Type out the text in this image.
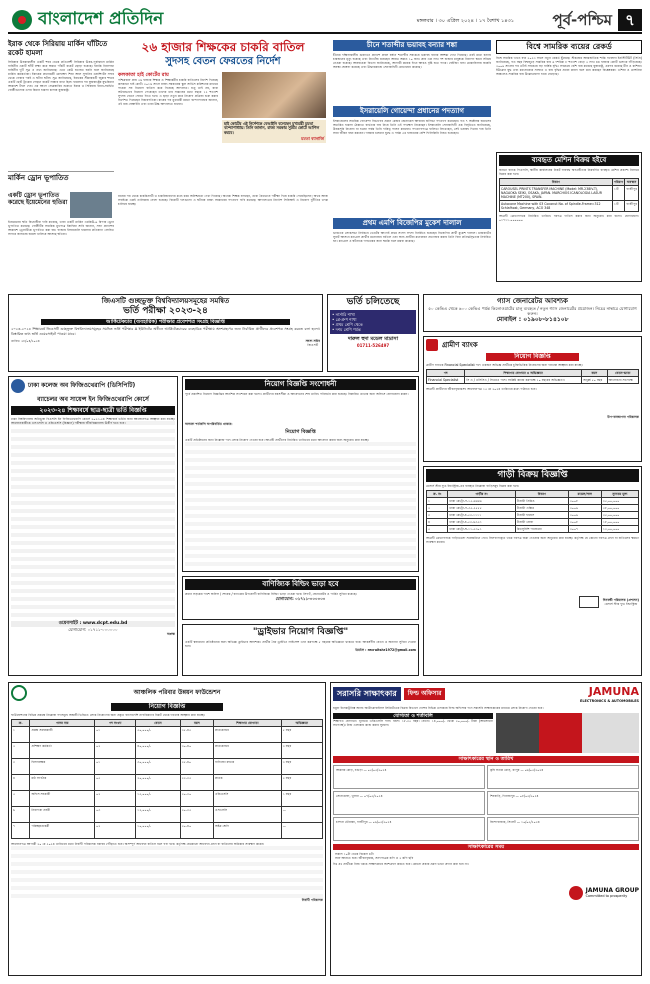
বাংলাদেশ প্রতিদিন	মঙ্গলবার । ৩০ এপ্রিল ২০২৪ । ১৭ বৈশাখ ১৪৩১	পূর্ব-পশ্চিম ৭
ইরাক থেকে সিরিয়ায় মার্কিন ঘাঁটিতে রকেট হামলা
সিরিয়ায় উত্তরাঞ্চলীয় একটি শহর থেকে প্রতিবেশী সিরিয়ার উত্তর-পূর্বাঞ্চলে মার্কিন বাহিনীর একটি ঘাঁটি লক্ষ্য করে অন্তত পাঁচটি রকেট ছোড়া হয়েছে। ইরাকি নিরাপত্তা বাহিনীর দুটি সূত্র এ তথ্য জানিয়েছে। এতে কেউ হতাহত হয়নি বলে জানিয়েছে মার্কিন কর্মকর্তারা। ইরাকের প্রধানমন্ত্রী মোহাম্মদ শিয়া আল সুদানির ওয়াশিংটন সফর থেকে ফেরার পরই এ ঘটনা ঘটল। সূত্র জানিয়েছে, ইরাকের সীমান্তবর্তী জুমার শহরে একটি ছোট ট্রাকের পেছনে রকেট লঞ্চার রাখা ছিল। হামলার পর যুক্তরাষ্ট্রের যুদ্ধবিমান আকাশে টহল দেয়। এর আগে ফেব্রুয়ারির শুরুতে ইরাক ও সিরিয়ায় ইরান-সমর্থিত গোষ্ঠীগুলোর ওপর বিমান হামলা চালায় যুক্তরাষ্ট্র।
মার্কিন ড্রোন ভূপাতিত
একটি ড্রোন ভূপাতিত করেছে ইয়েমেনের হুতিরা
ইয়েমেনের হুতি বিদ্রোহীরা দাবি করেছে, তারা একটি মার্কিন এমকিউ-৯ রিপার ড্রোন ভূপাতিত করেছে। গোষ্ঠীটির সামরিক মুখপাত্র ইয়াহিয়া সারি জানান, সাদা প্রদেশের আকাশে ড্রোনটিকে ভূপাতিত করা হয়। গাজায় ইসরায়েলি হামলার প্রতিবাদে লোহিত সাগরে জাহাজে হামলা চালিয়ে আসছে হুতিরা।
২৬ হাজার শিক্ষকের চাকরি বাতিল
সুদসহ বেতন ফেরতের নির্দেশ
কলকাতা হাই কোর্টের রায়
পশ্চিমবঙ্গে প্রায় ২৬ হাজার শিক্ষক ও শিক্ষাকর্মীর চাকরি বাতিলের নির্দেশ দিয়েছে কলকাতা হাই কোর্ট। ২০১৬ সালে রাজ্য সরকারের স্কুল সার্ভিস কমিশনের মাধ্যমে পাওয়া সব নিয়োগ বাতিল করে দিয়েছে আদালত। শুধু তাই নয়, যারা অবৈধভাবে নিয়োগ পেয়েছেন তাদের চার সপ্তাহের মধ্যে বছরে ১২ শতাংশ সুদসহ বেতন ফেরত দিতে হবে। এ ছাড়া নতুন করে নিয়োগ প্রক্রিয়া শুরু করার নির্দেশও দিয়েছেন বিচারপতিরা। রায়ের পর মুখ্যমন্ত্রী মমতা বন্দ্যোপাধ্যায় জানান, এই রায় বেআইনি এবং তারা উচ্চ আদালতে যাবেন।
হাই কোর্টের এই নির্দেশকে বেআইনি বলেছেন মুখ্যমন্ত্রী মমতা বন্দ্যোপাধ্যায়। তিনি জানান, রাজ্য সরকার সুপ্রিম কোর্টে আপিল করবে।
মমতা ব্যানার্জি
রায়ের পর থেকে চাকরিপ্রার্থী ও চাকরিহারাদের মধ্যে চরম অনিশ্চয়তা দেখা দিয়েছে। অনেক শিক্ষক বলছেন, তারা বৈধভাবে পরীক্ষা দিয়ে চাকরি পেয়েছিলেন; অথচ আজ সবাইকে একই তালিকায় ফেলা হয়েছে। বিরোধী দলগুলো এ ঘটনায় রাজ্য সরকারের পদত্যাগ দাবি করেছে। আদালতের নির্দেশে সিবিআই এ নিয়োগ দুর্নীতির তদন্ত চালিয়ে যাচ্ছে।
চীনে শতাব্দীর ভয়াবহ বন্যার শঙ্কা
চীনের দক্ষিণাঞ্চলীয় গুয়াংডং প্রদেশে প্রবল বর্ষণে শতাব্দীর সবচেয়ে ভয়াবহ বন্যার আশঙ্কা দেখা দিয়েছে। এরই মধ্যে বন্যায় চারজনের মৃত্যু হয়েছে এবং নিখোঁজ রয়েছেন আরও অন্তত ১০ জন। প্রায় এক লাখ দশ হাজার মানুষকে নিরাপদ স্থানে সরিয়ে নেওয়া হয়েছে। আবহাওয়া বিভাগ জানিয়েছে, আগামী কয়েক দিনে আরও বৃষ্টি হতে পারে। বেইজিং বন্যা মোকাবিলায় জরুরি অবস্থা ঘোষণা করেছে এবং উদ্ধারকাজে সেনাবাহিনী মোতায়েন করেছে।
ইসরায়েলি গোয়েন্দা প্রধানের পদত্যাগ
ইসরায়েলের সামরিক গোয়েন্দা বিভাগের প্রধান মেজর জেনারেল আহারন হালিভা পদত্যাগ করেছেন। গত ৭ অক্টোবর হামাসের অতর্কিত হামলা ঠেকাতে ব্যর্থতার দায় নিয়ে তিনি এই পদক্ষেপ নিয়েছেন। ইসরায়েলি সেনাবাহিনী এক বিবৃতিতে জানিয়েছে, উত্তরসূরি নিয়োগ না হওয়া পর্যন্ত তিনি দায়িত্ব পালন করবেন। পদত্যাগপত্রে হালিভা লিখেছেন, সেই ভয়াবহ দিনের দায় তিনি সারা জীবন বহন করবেন। গাজায় চলমান যুদ্ধে এ পর্যন্ত ৩৪ হাজারের বেশি ফিলিস্তিনি নিহত হয়েছেন।
প্রথম এমপি বিজেপির মুকেশ দালাল
ভারতের লোকসভা নির্বাচনে ভোটের আগেই প্রথম সংসদ সদস্য নির্বাচিত হয়েছেন বিজেপির প্রার্থী মুকেশ দালাল। গুজরাটের সুরাট আসনে কংগ্রেস প্রার্থীর মনোনয়ন বাতিল এবং অন্য প্রার্থীরা মনোনয়ন প্রত্যাহার করায় তিনি বিনা প্রতিদ্বন্দ্বিতায় নির্বাচিত হন। কংগ্রেস এ ঘটনাকে গণতন্ত্রের জন্য হুমকি বলে মন্তব্য করেছে।
বিশ্বে সামরিক ব্যয়ের রেকর্ড
বিশ্বে সামরিক খাতে ব্যয় ২০২৩ সালে নতুন রেকর্ড ছুঁয়েছে। স্টকহোম আন্তর্জাতিক শান্তি গবেষণা ইনস্টিটিউট (সিপ্রি) জানিয়েছে, গত বছর বিশ্বজুড়ে সামরিক ব্যয় ৬ দশমিক ৮ শতাংশ বেড়ে ২ লাখ ৪৪ হাজার কোটি ডলারে দাঁড়িয়েছে। ২০০৯ সালের পর এটাই সবচেয়ে বড় বার্ষিক বৃদ্ধি। সবচেয়ে বেশি ব্যয় করেছে যুক্তরাষ্ট্র, এরপর রয়েছে চীন ও রাশিয়া। ইউক্রেন যুদ্ধ এবং মধ্যপ্রাচ্যের সংঘাত এ ব্যয় বৃদ্ধির প্রধান কারণ বলে মনে করছেন বিশ্লেষকরা। এশিয়া ও ওশেনিয়া অঞ্চলেও সামরিক ব্যয় উল্লেখযোগ্য হারে বেড়েছে।
ব্যবহৃত মেশিন বিক্রয় হইবে
জনতা ব্যাংক পিএলসি, স্থানীয় কার্যালয়ের নিকট দায়বদ্ধ ঋণগ্রহীতার নিম্নবর্ণিত ব্যবহৃত মেশিন প্রকাশ্য নিলামে বিক্রয় করা হবে।
বিবরণ	পরিমাণ	অবস্থান
CAROUSEL PRINTS TRANSFER MACHINE (Model: MR-238IV-T), NAGAOKA SEIKI, OSAKA, JAPAN. MARCHIOS ICANOLOGIA LASUR MACHINE (MT200), SPAIN.	১টি	গাজীপুর
Autocone Machine with 03 Coconut No. of Spindle-Frame=312 Schlafhost, Germany, ACO 348	১টি	গাজীপুর
আগ্রহী ক্রেতাগণকে নির্ধারিত তারিখে দরপত্র দাখিল করার জন্য অনুরোধ করা হলো। যোগাযোগ: ০১৭১১-০০০০০০
জিএসটি গুচ্ছভুক্ত বিশ্ববিদ্যালয়সমূহের সমন্বিত
ভর্তি পরীক্ষা ২০২৩-২৪
আর্কিটেকচার (ব্যবহারিক) পরীক্ষার প্রবেশপত্র সংগ্রহ বিজ্ঞপ্তি
২০২৩-২০২৪ শিক্ষাবর্ষে জিএসটি গুচ্ছভুক্ত বিশ্ববিদ্যালয়সমূহের সমন্বিত ভর্তি পরীক্ষার A ইউনিটের অধীনে আর্কিটেকচারের ব্যবহারিক পরীক্ষায় অংশগ্রহণের জন্য নির্বাচিত প্রার্থীদের প্রবেশপত্র সংগ্রহ করতে বলা হলো। বিস্তারিত তথ্য ভর্তি ওয়েবসাইটে পাওয়া যাবে।
তারিখ: ২৮/০৪/২০২৪	সদস্য সচিব
জিএসটি
ভর্তি চলিতেছে
• নার্সারি শাখা
• প্লে-গ্রুপ শাখা
• প্রথম শ্রেণি থেকে
• দশম শ্রেণি পর্যন্ত
দারুল হুদা মডেল মাদ্রাসা
01711-526497
গ্যাস জেনারেটর আবশ্যক
৫০ কেভিএ থেকে ৬০০ কেভিএ পর্যন্ত কিলোওয়াটের চালু ব্যবহৃত / নতুন গ্যাস জেনারেটর প্রয়োজন। নিচের নাম্বারে যোগাযোগ করুন।
মোবাইল : ০১৯০৮-৮১৪১০৮
গ্রামীণ ব্যাংক
নিয়োগ বিজ্ঞপ্তি
গ্রামীণ ব্যাংকে Financial Specialist পদে একজন অভিজ্ঞ প্রার্থীকে চুক্তিভিত্তিক নিয়োগের জন্য দরখাস্ত আহ্বান করা যাচ্ছে।
পদ	শিক্ষাগত যোগ্যতা ও অভিজ্ঞতা	বয়স	বেতন-ভাতা
Financial Specialist	সি এ / এসিসিএ / সিএমএ পাস। সংশ্লিষ্ট কাজে কমপক্ষে ১০ বছরের অভিজ্ঞতা।	অনূর্ধ্ব ৫০ বছর	আলোচনা সাপেক্ষে
আগ্রহী প্রার্থীদের জীবনবৃত্তান্তসহ আবেদনপত্র ১৫ মে ২০২৪ তারিখের মধ্যে পাঠাতে হবে।
উপ-ব্যবস্থাপনা পরিচালক
ঢাকা কলেজ অব ফিজিওথেরাপি (ডিসিপিটি)
ব্যাচেলর অব সায়েন্স ইন ফিজিওথেরাপি কোর্সে
২০২৩-২৪ শিক্ষাবর্ষে ছাত্র-ছাত্রী ভর্তি বিজ্ঞপ্তি
ঢাকা বিশ্ববিদ্যালয় অধিভুক্ত বিএসসি ইন ফিজিওথেরাপি কোর্সে ২০২৩-২৪ শিক্ষাবর্ষে ভর্তির জন্য আবেদনপত্র আহ্বান করা যাচ্ছে। আবেদনকারীকে এসএসসি ও এইচএসসি (বিজ্ঞান) পরীক্ষায় জীববিজ্ঞানসহ উত্তীর্ণ হতে হবে।
ওয়েবসাইট : www.dcpt.edu.bd
যোগাযোগ: ০১৭১১-০০০০০০
অধ্যক্ষ
নিয়োগ বিজ্ঞপ্তি সংশোধনী
পূর্বে প্রকাশিত নিয়োগ বিজ্ঞপ্তির আংশিক সংশোধন করা হলো। প্রার্থীদের বয়সসীমা ও আবেদনের শেষ তারিখ পরিবর্তন করা হয়েছে। বিস্তারিত তথ্যের জন্য অফিসে যোগাযোগ করুন।
অন্যান্য শর্তাবলি অপরিবর্তিত থাকবে।
নিয়োগ বিজ্ঞপ্তি
একটি প্রতিষ্ঠানের জন্য নিম্নোক্ত পদে লোক নিয়োগ দেওয়া হবে। আগ্রহী প্রার্থীদের নির্ধারিত তারিখের মধ্যে আবেদন করার জন্য অনুরোধ করা যাচ্ছে।
বাণিজ্যিক বিল্ডিং ভাড়া হবে
প্রধান সড়কের পাশে অফিস / শোরুম / ব্যাংকের উপযোগী বাণিজ্যিক বিল্ডিং ভাড়া দেওয়া হবে। লিফট, জেনারেটর ও পার্কিং সুবিধা রয়েছে।
যোগাযোগ: ০১৭১১-০০০০০০
"ড্রাইভার নিয়োগ বিজ্ঞপ্তি"
একটি স্বনামধন্য প্রতিষ্ঠানের জন্য অভিজ্ঞ ড্রাইভার আবশ্যক। প্রার্থীর বৈধ ড্রাইভিং লাইসেন্স এবং কমপক্ষে ৫ বছরের অভিজ্ঞতা থাকতে হবে। আকর্ষণীয় বেতন ও অন্যান্য সুবিধা দেওয়া হবে।
ইমেইল : recruitshr1972@gmail.com
গাড়ী বিক্রয় বিজ্ঞপ্তি
মেসার্স স্টার ফুড ইন্ডাস্ট্রিজ-এর ব্যবহৃত নিম্নোক্ত গাড়িসমূহ বিক্রয় করা হবে।
ক্র. নং	গাড়ীর নং	বিবরণ	মডেল/সাল	ন্যূনতম মূল্য
১	ঢাকা মেট্রো-গ-১৫-৬৬৬৬	টয়োটা প্রিমিও	২০০৮	৩৫,০০,০০০
২	ঢাকা মেট্রো-গ-৩৫-২৫৫৫	টয়োটা এক্সিও	২০০৯	২৮,০০,০০০
৩	ঢাকা মেট্রো-চ-৫৩-১১১১	টয়োটা হায়েস	২০০৯	২৫,০০,০০০
৪	ঢাকা মেট্রো-চ-৫৩-৬৩৫৩	টয়োটা নোয়া	২০০৮	১৮,০০,০০০
৫	ঢাকা মেট্রো-ঘ-১১-৫৩০১	মিতসুবিশি পাজেরো	২০০৭	১২,০০,০০০
আগ্রহী ক্রেতাগণকে গাড়িগুলো সরেজমিনে দেখে সিলগালাকৃত খামে দরপত্র জমা দেওয়ার জন্য অনুরোধ করা যাচ্ছে। কর্তৃপক্ষ যে কোনো দরপত্র গ্রহণ বা বাতিলের ক্ষমতা সংরক্ষণ করেন।
দিনবন্ধী পরিচালক (প্রশাসন)
মেসার্স স্টার ফুড ইন্ডাস্ট্রিজ
আঞ্চলিক পরিবার উন্নয়ন ফাউন্ডেশন
নিয়োগ বিজ্ঞপ্তি
ফাউন্ডেশনের বিভিন্ন প্রকল্পে নিম্নোক্ত পদসমূহে অস্থায়ী ভিত্তিতে লোক নিয়োগের জন্য প্রকৃত বাংলাদেশি নাগরিকদের নিকট থেকে দরখাস্ত আহ্বান করা যাচ্ছে।
ক্র.	পদের নাম	পদ সংখ্যা	বেতন	বয়স	শিক্ষাগত যোগ্যতা	অভিজ্ঞতা
১	প্রকল্প সমন্বয়কারী	০১	৫০,০০০/-	৩৫-৪৫	স্নাতকোত্তর	৫ বছর
২	প্রশিক্ষণ কর্মকর্তা	০২	৪০,০০০/-	৩০-৪০	স্নাতকোত্তর	৩ বছর
৩	হিসাবরক্ষক	০১	৩০,০০০/-	২৫-৪০	বাণিজ্যে স্নাতক	৩ বছর
৪	মাঠ সংগঠক	০৫	২০,০০০/-	২২-৩৫	স্নাতক	২ বছর
৫	অফিস সহকারী	০২	১৫,০০০/-	২০-৩০	এইচএসসি	১ বছর
৬	নিরাপত্তা প্রহরী	০৩	১২,০০০/-	২০-৩৫	এসএসসি	—
৭	পরিচ্ছন্নতাকর্মী	০২	১০,০০০/-	২০-৪০	অষ্টম শ্রেণি	—
আবেদনপত্র আগামী ২০ মে ২০২৪ তারিখের মধ্যে নির্বাহী পরিচালক বরাবর পৌঁছাতে হবে। অসম্পূর্ণ আবেদন বাতিল বলে গণ্য হবে। কর্তৃপক্ষ যেকোনো আবেদন গ্রহণ বা বাতিলের অধিকার সংরক্ষণ করেন।
নির্বাহী পরিচালক
সরাসরি সাক্ষাৎকার	ফিল্ড অফিসার	JAMUNA
ELECTRONICS & AUTOMOBILES
যমুনা ইলেকট্রনিক্স অ্যান্ড অটোমোবাইলস লিমিটেডের বিক্রয় বিভাগে দেশের বিভিন্ন এলাকায় ফিল্ড অফিসার পদে সরাসরি সাক্ষাৎকারের মাধ্যমে লোক নিয়োগ দেওয়া হবে।
যোগ্যতা ও শর্তাবলি
শিক্ষাগত যোগ্যতা: ন্যূনতম এইচএসসি পাস। বয়স: ১৮-৩৫ বছর। বেতন: ১৪,০০০/- থেকে ২০,০০০/- টাকা (আলোচনা সাপেক্ষে)। নিজ এলাকায় কাজ করার সুযোগ।
সাক্ষাৎকারের স্থান ও তারিখ
আকবর মোড়, বগুড়া — ০৫/০৫/২০২৪	কৃষি ব্যাংক মোড়, রংপুর — ০৬/০৫/২০২৪
সোনাডাঙ্গা, খুলনা — ০৭/০৫/২০২৪	শিববাড়ি, দিনাজপুর — ০৮/০৫/২০২৪
চান্দনা চৌরাস্তা, গাজীপুর — ০৯/০৫/২০২৪	জিন্দাবাজার, সিলেট — ১০/০৫/২০২৪
সাক্ষাৎকারের সময়
সকাল ১০টা থেকে বিকেল ৪টা
সঙ্গে আনতে হবে: জীবনবৃত্তান্ত, সনদপত্রের কপি ও ২ কপি ছবি
বিঃ দ্রঃ প্রার্থীকে নিজ খরচে সাক্ষাৎকারে অংশগ্রহণ করতে হবে। কোনো প্রকার ভ্রমণ ভাতা প্রদান করা হবে না।
JAMUNA GROUP
Committed to prosperity
